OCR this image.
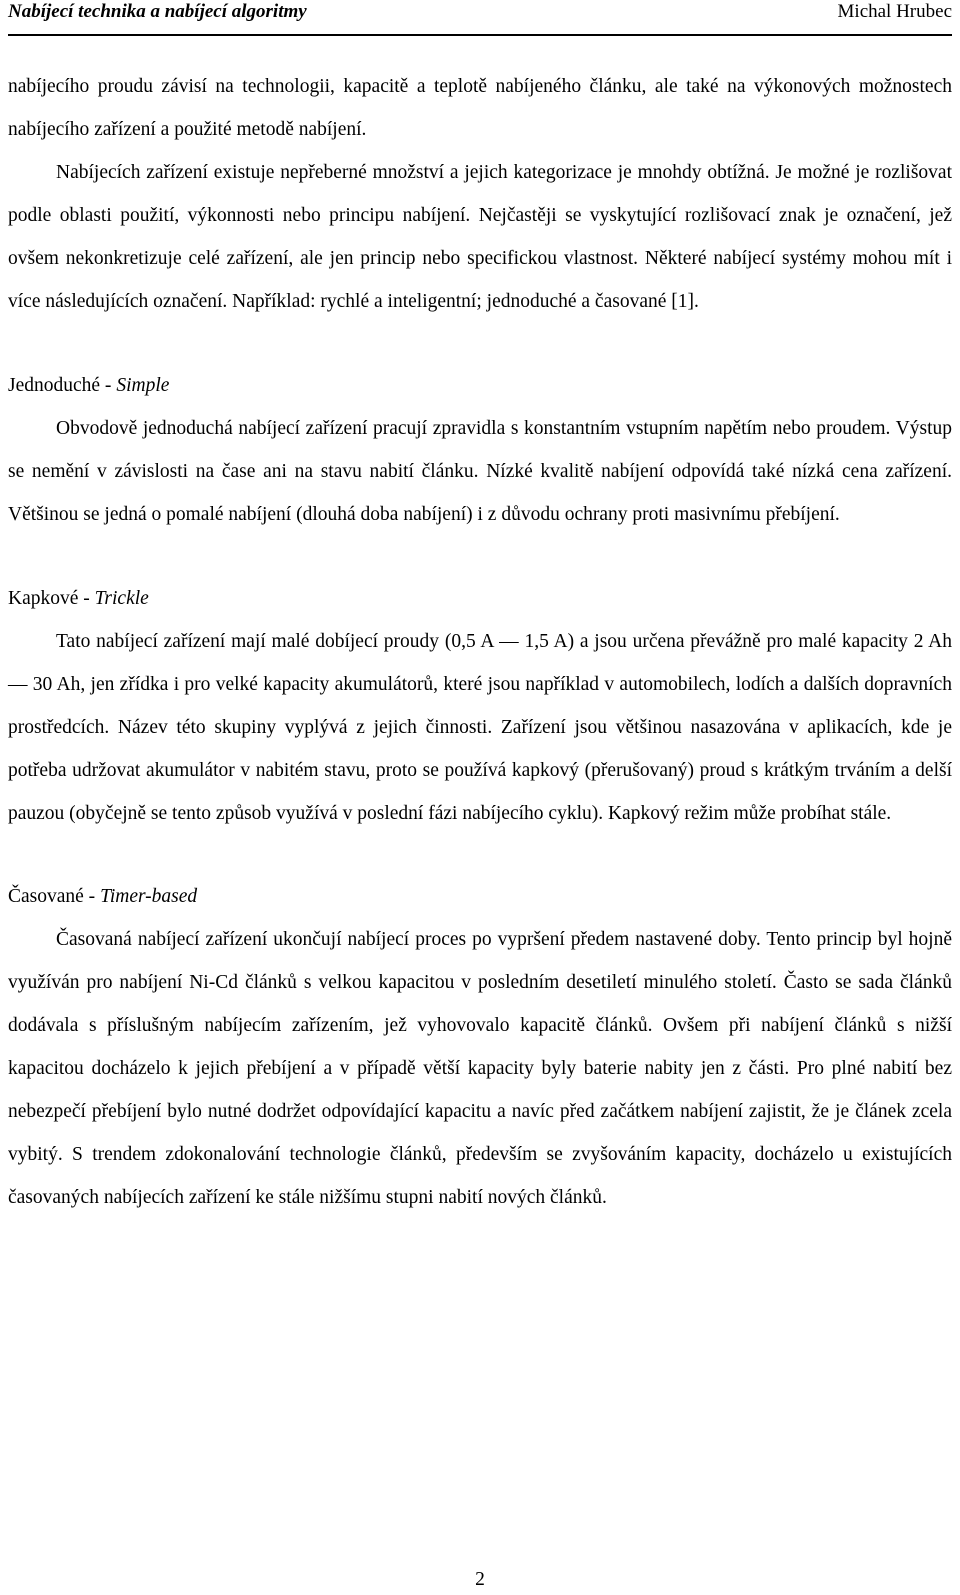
Nabíjecí technika a nabíjecí algoritmy	Michal Hrubec

nabíjecího proudu závisí na technologii, kapacitě a teplotě nabíjeného článku, ale také na výkonových možnostech nabíjecího zařízení a použité metodě nabíjení.

Nabíjecích zařízení existuje nepřeberné množství a jejich kategorizace je mnohdy obtížná. Je možné je rozlišovat podle oblasti použití, výkonnosti nebo principu nabíjení. Nejčastěji se vyskytující rozlišovací znak je označení, jež ovšem nekonkretizuje celé zařízení, ale jen princip nebo specifickou vlastnost. Některé nabíjecí systémy mohou mít i více následujících označení. Například: rychlé a inteligentní; jednoduché a časované [1].

Jednoduché - Simple

Obvodově jednoduchá nabíjecí zařízení pracují zpravidla s konstantním vstupním napětím nebo proudem. Výstup se nemění v závislosti na čase ani na stavu nabití článku. Nízké kvalitě nabíjení odpovídá také nízká cena zařízení. Většinou se jedná o pomalé nabíjení (dlouhá doba nabíjení) i z důvodu ochrany proti masivnímu přebíjení.

Kapkové - Trickle

Tato nabíjecí zařízení mají malé dobíjecí proudy (0,5 A — 1,5 A) a jsou určena převážně pro malé kapacity 2 Ah — 30 Ah, jen zřídka i pro velké kapacity akumulátorů, které jsou například v automobilech, lodích a dalších dopravních prostředcích. Název této skupiny vyplývá z jejich činnosti. Zařízení jsou většinou nasazována v aplikacích, kde je potřeba udržovat akumulátor v nabitém stavu, proto se používá kapkový (přerušovaný) proud s krátkým trváním a delší pauzou (obyčejně se tento způsob využívá v poslední fázi nabíjecího cyklu). Kapkový režim může probíhat stále.

Časované - Timer-based

Časovaná nabíjecí zařízení ukončují nabíjecí proces po vypršení předem nastavené doby. Tento princip byl hojně využíván pro nabíjení Ni-Cd článků s velkou kapacitou v posledním desetiletí minulého století. Často se sada článků dodávala s příslušným nabíjecím zařízením, jež vyhovovalo kapacitě článků. Ovšem při nabíjení článků s nižší kapacitou docházelo k jejich přebíjení a v případě větší kapacity byly baterie nabity jen z části. Pro plné nabití bez nebezpečí přebíjení bylo nutné dodržet odpovídající kapacitu a navíc před začátkem nabíjení zajistit, že je článek zcela vybitý. S trendem zdokonalování technologie článků, především se zvyšováním kapacity, docházelo u existujících časovaných nabíjecích zařízení ke stále nižšímu stupni nabití nových článků.

2
